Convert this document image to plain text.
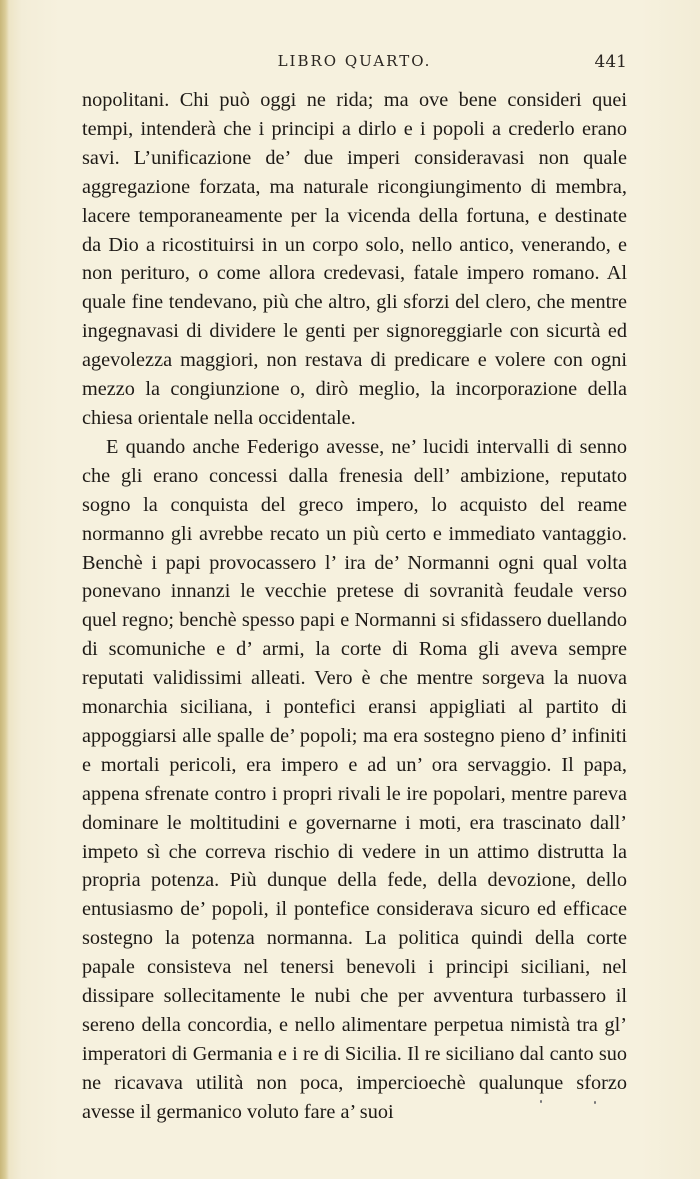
LIBRO QUARTO.	441

nopolitani. Chi può oggi ne rida; ma ove bene consideri quei tempi, intenderà che i principi a dirlo e i popoli a crederlo erano savi. L’unificazione de’ due imperi consideravasi non quale aggregazione forzata, ma naturale ricongiungimento di membra, lacere temporaneamente per la vicenda della fortuna, e destinate da Dio a ricostituirsi in un corpo solo, nello antico, venerando, e non perituro, o come allora credevasi, fatale impero romano. Al quale fine tendevano, più che altro, gli sforzi del clero, che mentre ingegnavasi di dividere le genti per signoreggiarle con sicurtà ed agevolezza maggiori, non restava di predicare e volere con ogni mezzo la congiunzione o, dirò meglio, la incorporazione della chiesa orientale nella occidentale.

E quando anche Federigo avesse, ne’ lucidi intervalli di senno che gli erano concessi dalla frenesia dell’ ambizione, reputato sogno la conquista del greco impero, lo acquisto del reame normanno gli avrebbe recato un più certo e immediato vantaggio. Benchè i papi provocassero l’ ira de’ Normanni ogni qual volta ponevano innanzi le vecchie pretese di sovranità feudale verso quel regno; benchè spesso papi e Normanni si sfidassero duellando di scomuniche e d’ armi, la corte di Roma gli aveva sempre reputati validissimi alleati. Vero è che mentre sorgeva la nuova monarchia siciliana, i pontefici eransi appigliati al partito di appoggiarsi alle spalle de’ popoli; ma era sostegno pieno d’ infiniti e mortali pericoli, era impero e ad un’ ora servaggio. Il papa, appena sfrenate contro i propri rivali le ire popolari, mentre pareva dominare le moltitudini e governarne i moti, era trascinato dall’ impeto sì che correva rischio di vedere in un attimo distrutta la propria potenza. Più dunque della fede, della devozione, dello entusiasmo de’ popoli, il pontefice considerava sicuro ed efficace sostegno la potenza normanna. La politica quindi della corte papale consisteva nel tenersi benevoli i principi siciliani, nel dissipare sollecitamente le nubi che per avventura turbassero il sereno della concordia, e nello alimentare perpetua nimistà tra gl’ imperatori di Germania e i re di Sicilia. Il re siciliano dal canto suo ne ricavava utilità non poca, impercioechè qualunque sforzo avesse il germanico voluto fare a’ suoi
